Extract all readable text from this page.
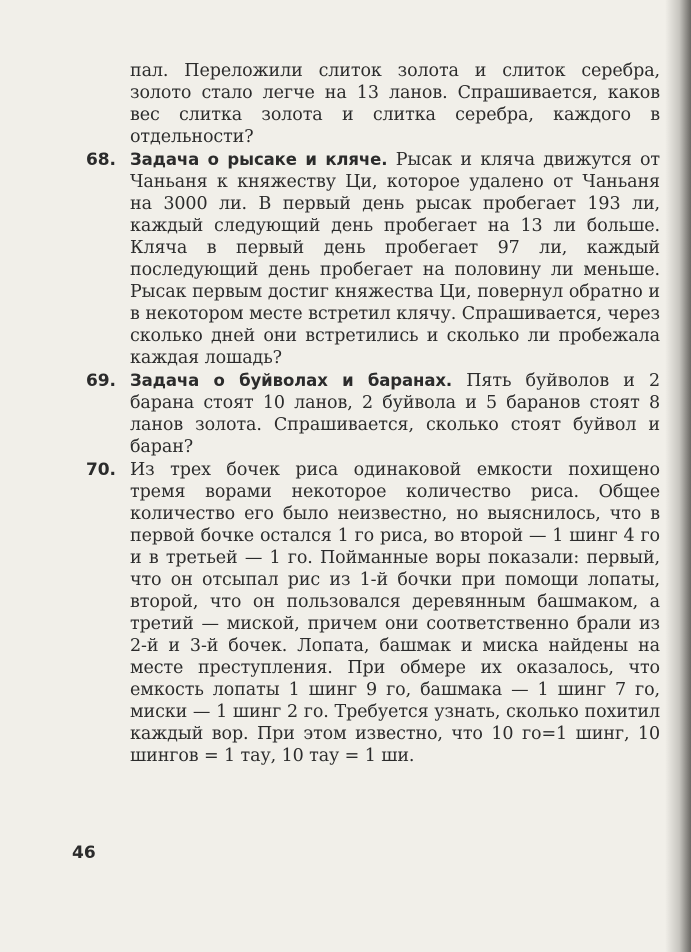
пал. Переложили слиток золота и слиток серебра, золото стало легче на 13 ланов. Спрашивается, каков вес слитка золота и слитка серебра, каждого в отдельности?

68. Задача о рысаке и кляче. Рысак и кляча движутся от Чаньаня к княжеству Ци, которое удалено от Чаньаня на 3000 ли. В первый день рысак пробегает 193 ли, каждый следующий день пробегает на 13 ли больше. Кляча в первый день пробегает 97 ли, каждый последующий день пробегает на половину ли меньше. Рысак первым достиг княжества Ци, повернул обратно и в некотором месте встретил клячу. Спрашивается, через сколько дней они встретились и сколько ли пробежала каждая лошадь?

69. Задача о буйволах и баранах. Пять буйволов и 2 барана стоят 10 ланов, 2 буйвола и 5 баранов стоят 8 ланов золота. Спрашивается, сколько стоят буйвол и баран?

70. Из трех бочек риса одинаковой емкости похищено тремя ворами некоторое количество риса. Общее количество его было неизвестно, но выяснилось, что в первой бочке остался 1 го риса, во второй — 1 шинг 4 го и в третьей — 1 го. Пойманные воры показали: первый, что он отсыпал рис из 1-й бочки при помощи лопаты, второй, что он пользовался деревянным башмаком, а третий — миской, причем они соответственно брали из 2-й и 3-й бочек. Лопата, башмак и миска найдены на месте преступления. При обмере их оказалось, что емкость лопаты 1 шинг 9 го, башмака — 1 шинг 7 го, миски — 1 шинг 2 го. Требуется узнать, сколько похитил каждый вор. При этом известно, что 10 го=1 шинг, 10 шингов = 1 тау, 10 тау = 1 ши.

46
